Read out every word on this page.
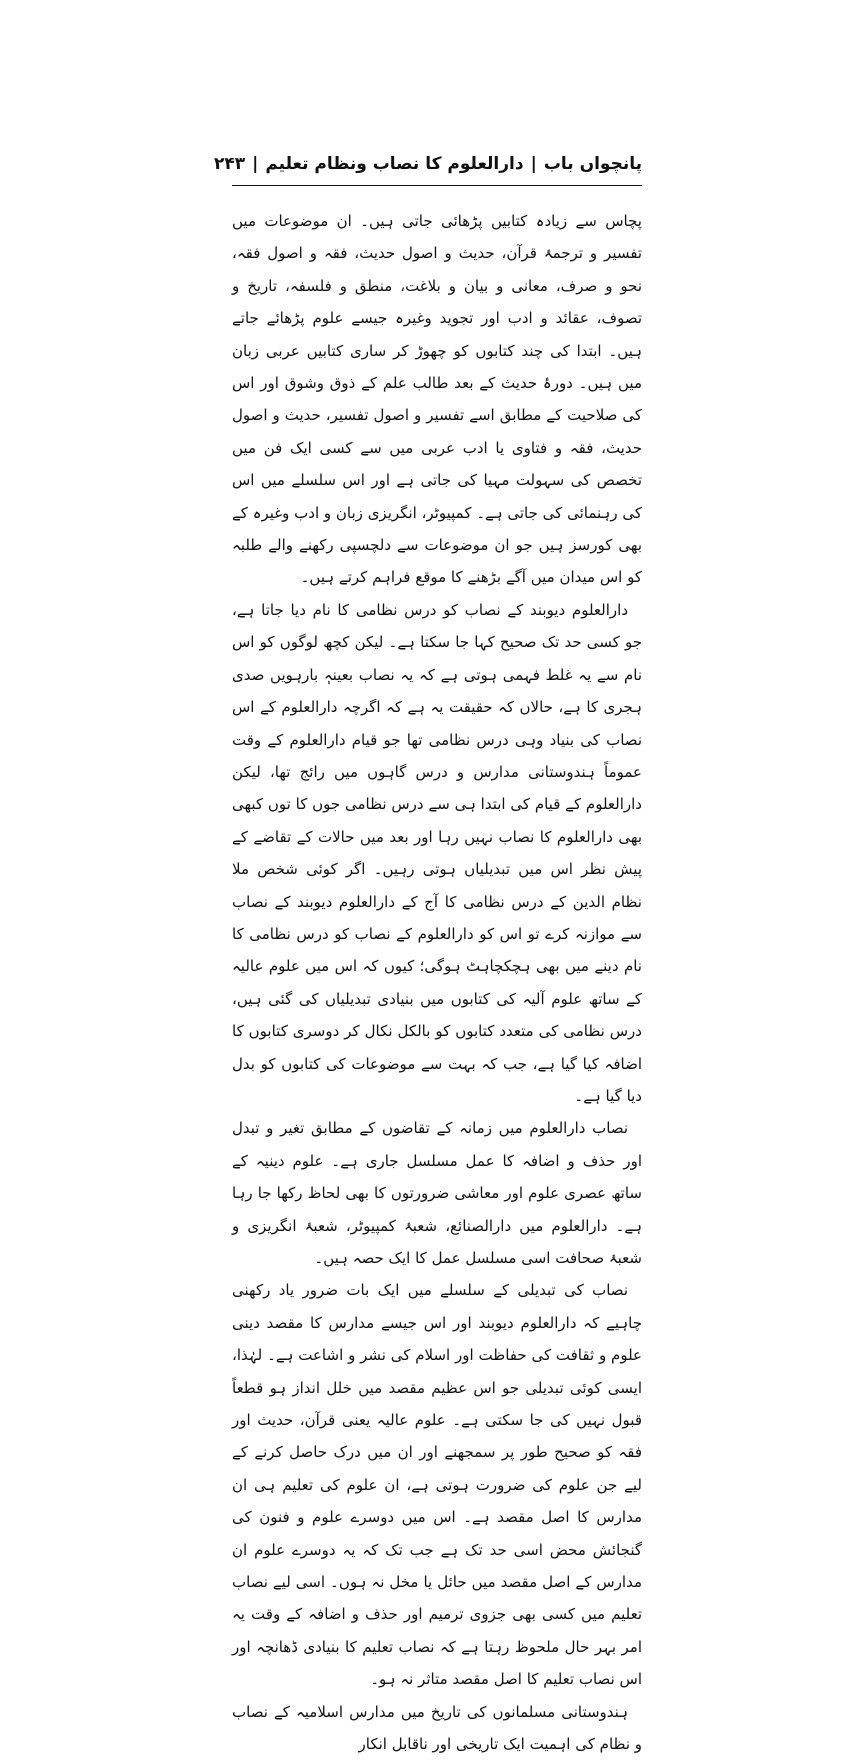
پانچواں باب|دارالعلوم کا نصاب ونظام تعلیم|۲۴۳

پچاس سے زیادہ کتابیں پڑھائی جاتی ہیں۔ ان موضوعات میں تفسیر و ترجمۂ قرآن، حدیث و اصول حدیث، فقہ و اصول فقہ، نحو و صرف، معانی و بیان و بلاغت، منطق و فلسفہ، تاریخ و تصوف، عقائد و ادب اور تجوید وغیرہ جیسے علوم پڑھائے جاتے ہیں۔ ابتدا کی چند کتابوں کو چھوڑ کر ساری کتابیں عربی زبان میں ہیں۔ دورۂ حدیث کے بعد طالب علم کے ذوق وشوق اور اس کی صلاحیت کے مطابق اسے تفسیر و اصول تفسیر، حدیث و اصول حدیث، فقہ و فتاوی یا ادب عربی میں سے کسی ایک فن میں تخصص کی سہولت مہیا کی جاتی ہے اور اس سلسلے میں اس کی رہنمائی کی جاتی ہے۔ کمپیوٹر، انگریزی زبان و ادب وغیرہ کے بھی کورسز ہیں جو ان موضوعات سے دلچسپی رکھنے والے طلبہ کو اس میدان میں آگے بڑھنے کا موقع فراہم کرتے ہیں۔

دارالعلوم دیوبند کے نصاب کو درس نظامی کا نام دیا جاتا ہے، جو کسی حد تک صحیح کہا جا سکتا ہے۔ لیکن کچھ لوگوں کو اس نام سے یہ غلط فہمی ہوتی ہے کہ یہ نصاب بعینہٖ بارہویں صدی ہجری کا ہے، حالاں کہ حقیقت یہ ہے کہ اگرچہ دارالعلوم کے اس نصاب کی بنیاد وہی درس نظامی تھا جو قیام دارالعلوم کے وقت عموماً ہندوستانی مدارس و درس گاہوں میں رائج تھا، لیکن دارالعلوم کے قیام کی ابتدا ہی سے درس نظامی جوں کا توں کبھی بھی دارالعلوم کا نصاب نہیں رہا اور بعد میں حالات کے تقاضے کے پیش نظر اس میں تبدیلیاں ہوتی رہیں۔ اگر کوئی شخص ملا نظام الدین کے درس نظامی کا آج کے دارالعلوم دیوبند کے نصاب سے موازنہ کرے تو اس کو دارالعلوم کے نصاب کو درس نظامی کا نام دینے میں بھی ہچکچاہٹ ہوگی؛ کیوں کہ اس میں علوم عالیہ کے ساتھ علوم آلیہ کی کتابوں میں بنیادی تبدیلیاں کی گئی ہیں، درس نظامی کی متعدد کتابوں کو بالکل نکال کر دوسری کتابوں کا اضافہ کیا گیا ہے، جب کہ بہت سے موضوعات کی کتابوں کو بدل دیا گیا ہے۔

نصاب دارالعلوم میں زمانہ کے تقاضوں کے مطابق تغیر و تبدل اور حذف و اضافہ کا عمل مسلسل جاری ہے۔ علوم دینیہ کے ساتھ عصری علوم اور معاشی ضرورتوں کا بھی لحاظ رکھا جا رہا ہے۔ دارالعلوم میں دارالصنائع، شعبۂ کمپیوٹر، شعبۂ انگریزی و شعبۂ صحافت اسی مسلسل عمل کا ایک حصہ ہیں۔

نصاب کی تبدیلی کے سلسلے میں ایک بات ضرور یاد رکھنی چاہیے کہ دارالعلوم دیوبند اور اس جیسے مدارس کا مقصد دینی علوم و ثقافت کی حفاظت اور اسلام کی نشر و اشاعت ہے۔ لہٰذا، ایسی کوئی تبدیلی جو اس عظیم مقصد میں خلل انداز ہو قطعاً قبول نہیں کی جا سکتی ہے۔ علوم عالیہ یعنی قرآن، حدیث اور فقہ کو صحیح طور پر سمجھنے اور ان میں درک حاصل کرنے کے لیے جن علوم کی ضرورت ہوتی ہے، ان علوم کی تعلیم ہی ان مدارس کا اصل مقصد ہے۔ اس میں دوسرے علوم و فنون کی گنجائش محض اسی حد تک ہے جب تک کہ یہ دوسرے علوم ان مدارس کے اصل مقصد میں حائل یا مخل نہ ہوں۔ اسی لیے نصاب تعلیم میں کسی بھی جزوی ترمیم اور حذف و اضافہ کے وقت یہ امر بہر حال ملحوظ رہتا ہے کہ نصاب تعلیم کا بنیادی ڈھانچہ اور اس نصاب تعلیم کا اصل مقصد متاثر نہ ہو۔

ہندوستانی مسلمانوں کی تاریخ میں مدارس اسلامیہ کے نصاب و نظام کی اہمیت ایک تاریخی اور ناقابل انکار
